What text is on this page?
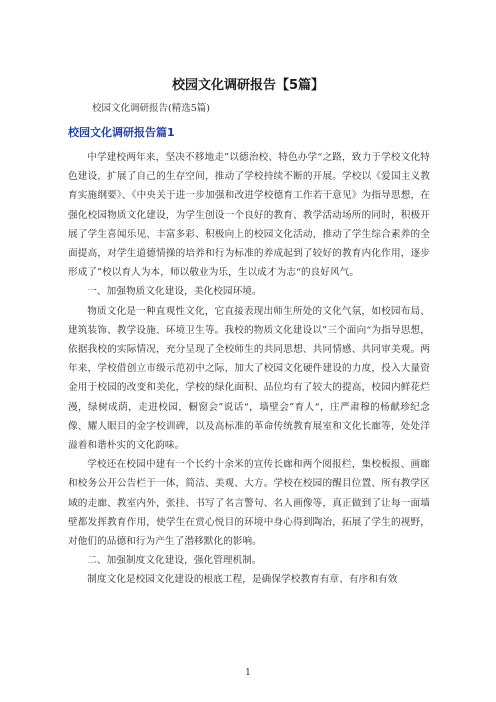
校园文化调研报告【5篇】
校园文化调研报告(精选5篇)
校园文化调研报告篇1

中学建校两年来，坚决不移地走”以德治校、特色办学“之路，致力于学校文化特色建设，扩展了自己的生存空间，推动了学校持续不断的开展。学校以《爱国主义教育实施纲要》、《中央关于进一步加强和改进学校德育工作若干意见》为指导思想，在强化校园物质文化建设，为学生创设一个良好的教育、教学活动场所的同时，积极开展了学生喜闻乐见、丰富多彩、积极向上的校园文化活动，推动了学生综合素养的全面提高，对学生道德情操的培养和行为标准的养成起到了较好的教育内化作用，逐步形成了”校以育人为本，师以敬业为乐，生以成才为志“的良好风气。

一、加强物质文化建设，美化校园环境。

物质文化是一种直观性文化，它直接表现出师生所处的文化气氛，如校园布局、建筑装饰、教学设施、环境卫生等。我校的物质文化建设以”三个面向“为指导思想，依据我校的实际情况，充分呈现了全校师生的共同思想、共同情感、共同审美观。两年来，学校借创立市级示范初中之际，加大了校园文化硬件建设的力度，投入大量资金用于校园的改变和美化，学校的绿化面积、品位均有了较大的提高，校园内鲜花烂漫，绿树成荫，走进校园，橱窗会”说话“，墙壁会”育人“，庄严肃穆的杨献珍纪念像、耀人眼目的金字校训碑，以及高标准的革命传统教育展室和文化长廊等，处处洋溢着和谐朴实的文化韵味。

学校还在校园中建有一个长约十余米的宣传长廊和两个阅报栏，集校板报、画廊和校务公开公告栏于一体，简洁、美观、大方。学校在校园的醒目位置、所有教学区域的走廊、教室内外，张挂、书写了名言警句、名人画像等，真正做到了让每一面墙壁都发挥教育作用，使学生在赏心悦目的环境中身心得到陶冶，拓展了学生的视野，对他们的品德和行为产生了潜移默化的影响。

二、加强制度文化建设，强化管理机制。

制度文化是校园文化建设的根底工程，是确保学校教育有章、有序和有效

1
